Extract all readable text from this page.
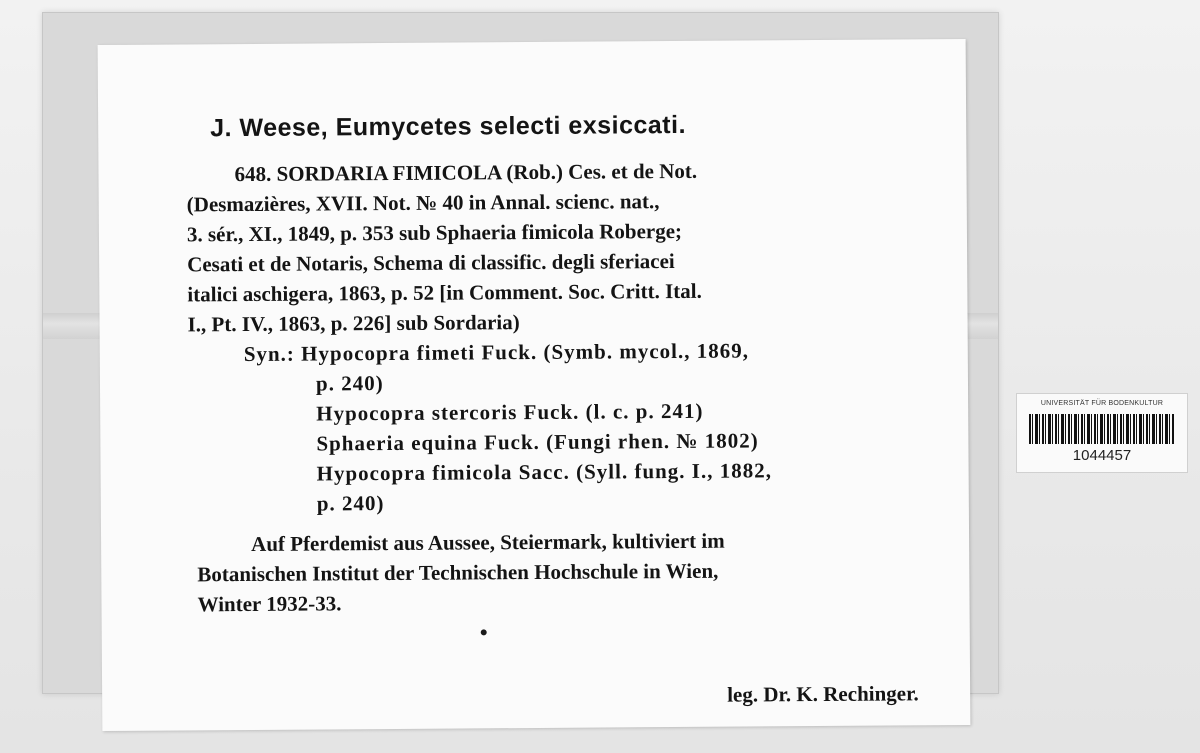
J. Weese, Eumycetes selecti exsiccati.
648. SORDARIA FIMICOLA (Rob.) Ces. et de Not.
(Desmazières, XVII. Not. № 40 in Annal. scienc. nat.,
3. sér., XI., 1849, p. 353 sub Sphaeria fimicola Roberge;
Cesati et de Notaris, Schema di classific. degli sferiacei
italici aschigera, 1863, p. 52 [in Comment. Soc. Critt. Ital.
I., Pt. IV., 1863, p. 226] sub Sordaria)
Syn.: Hypocopra fimeti Fuck. (Symb. mycol., 1869,
p. 240)
Hypocopra stercoris Fuck. (l. c. p. 241)
Sphaeria equina Fuck. (Fungi rhen. № 1802)
Hypocopra fimicola Sacc. (Syll. fung. I., 1882,
p. 240)
Auf Pferdemist aus Aussee, Steiermark, kultiviert im
Botanischen Institut der Technischen Hochschule in Wien,
Winter 1932-33.
leg. Dr. K. Rechinger.
UNIVERSITÄT FÜR BODENKULTUR
1044457
